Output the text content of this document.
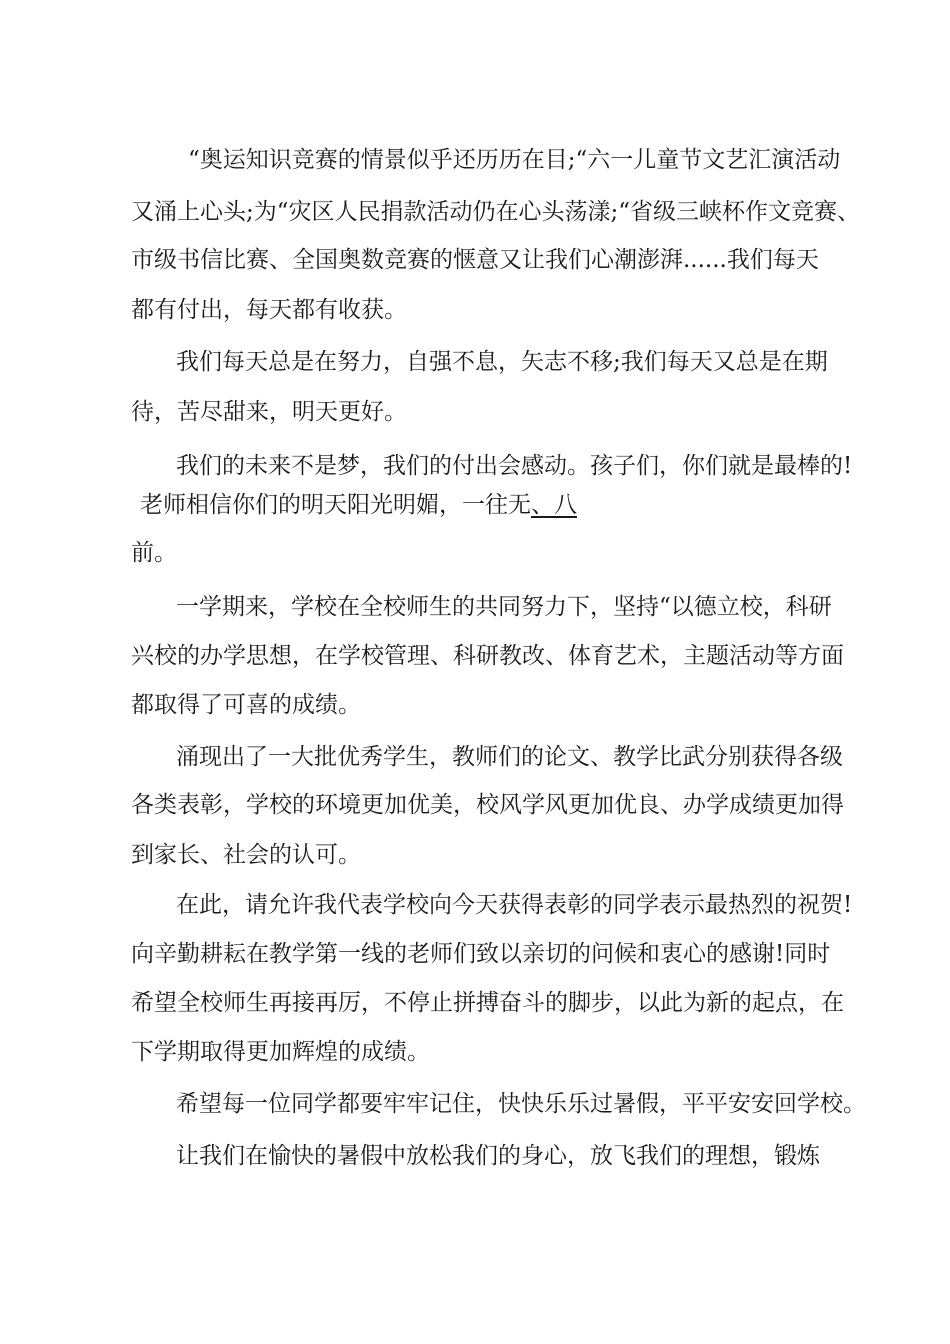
“奥运知识竞赛的情景似乎还历历在目;“六一儿童节文艺汇演活动

又涌上心头;为“灾区人民捐款活动仍在心头荡漾;“省级三峡杯作文竞赛、

市级书信比赛、全国奥数竞赛的惬意又让我们心潮澎湃......我们每天

都有付出，每天都有收获。

我们每天总是在努力，自强不息，矢志不移;我们每天又总是在期

待，苦尽甜来，明天更好。

我们的未来不是梦，我们的付出会感动。孩子们，你们就是最棒的!

老师相信你们的明天阳光明媚，一往无、八

前。

一学期来，学校在全校师生的共同努力下，坚持“以德立校，科研

兴校的办学思想，在学校管理、科研教改、体育艺术，主题活动等方面

都取得了可喜的成绩。

涌现出了一大批优秀学生，教师们的论文、教学比武分别获得各级

各类表彰，学校的环境更加优美，校风学风更加优良、办学成绩更加得

到家长、社会的认可。

在此，请允许我代表学校向今天获得表彰的同学表示最热烈的祝贺!

向辛勤耕耘在教学第一线的老师们致以亲切的问候和衷心的感谢!同时

希望全校师生再接再厉，不停止拼搏奋斗的脚步，以此为新的起点，在

下学期取得更加辉煌的成绩。

希望每一位同学都要牢牢记住，快快乐乐过暑假，平平安安回学校。

让我们在愉快的暑假中放松我们的身心，放飞我们的理想，锻炼
